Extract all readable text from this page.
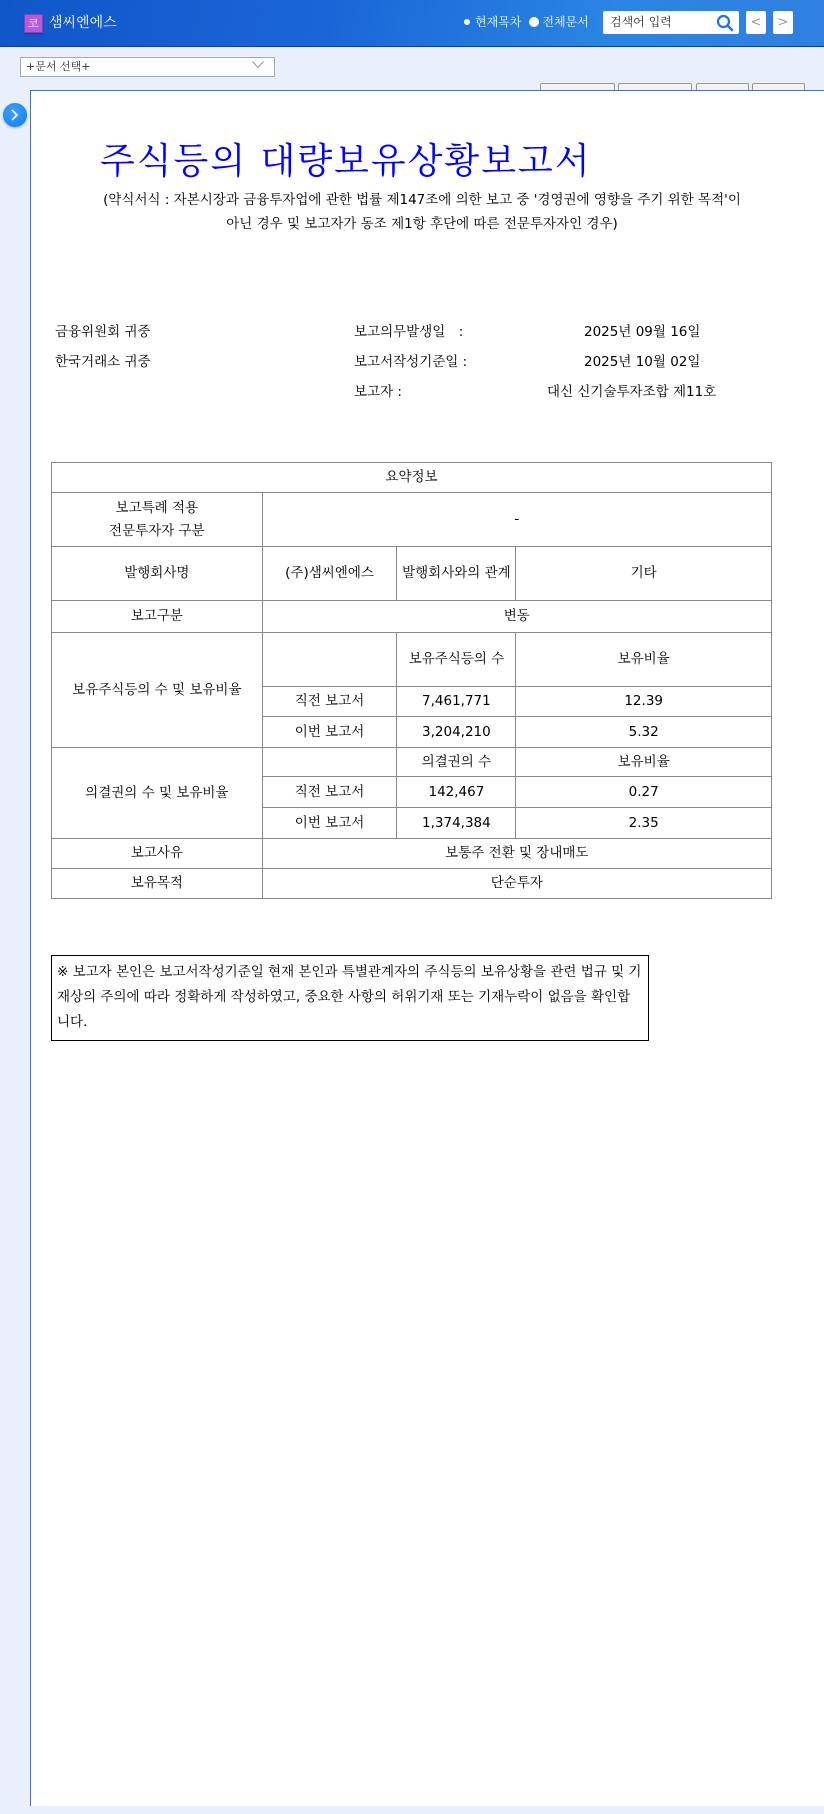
코 샘씨엔에스	현재목차 전체문서
검색어 입력	<	>
+문서 선택+
주식등의 대량보유상황보고서
(약식서식 : 자본시장과 금융투자업에 관한 법률 제147조에 의한 보고 중 '경영권에 영향을 주기 위한 목적'이
아닌 경우 및 보고자가 동조 제1항 후단에 따른 전문투자자인 경우)
금융위원회 귀중
한국거래소 귀중
보고의무발생일　:	2025년 09월 16일
보고서작성기준일 :	2025년 10월 02일
보고자 :	대신 신기술투자조합 제11호
요약정보			
보고특례 적용
전문투자자 구분	-		
발행회사명	(주)샘씨엔에스	발행회사와의 관계	기타
보고구분	변동		
보유주식등의 수 및 보유비율		보유주식등의 수	보유비율
	직전 보고서	7,461,771	12.39
	이번 보고서	3,204,210	5.32
의결권의 수 및 보유비율		의결권의 수	보유비율
	직전 보고서	142,467	0.27
	이번 보고서	1,374,384	2.35
보고사유	보통주 전환 및 장내매도		
보유목적	단순투자		
※ 보고자 본인은 보고서작성기준일 현재 본인과 특별관계자의 주식등의 보유상황을 관련 법규 및 기재상의 주의에 따라 정확하게 작성하였고, 중요한 사항의 허위기재 또는 기재누락이 없음을 확인합니다.
